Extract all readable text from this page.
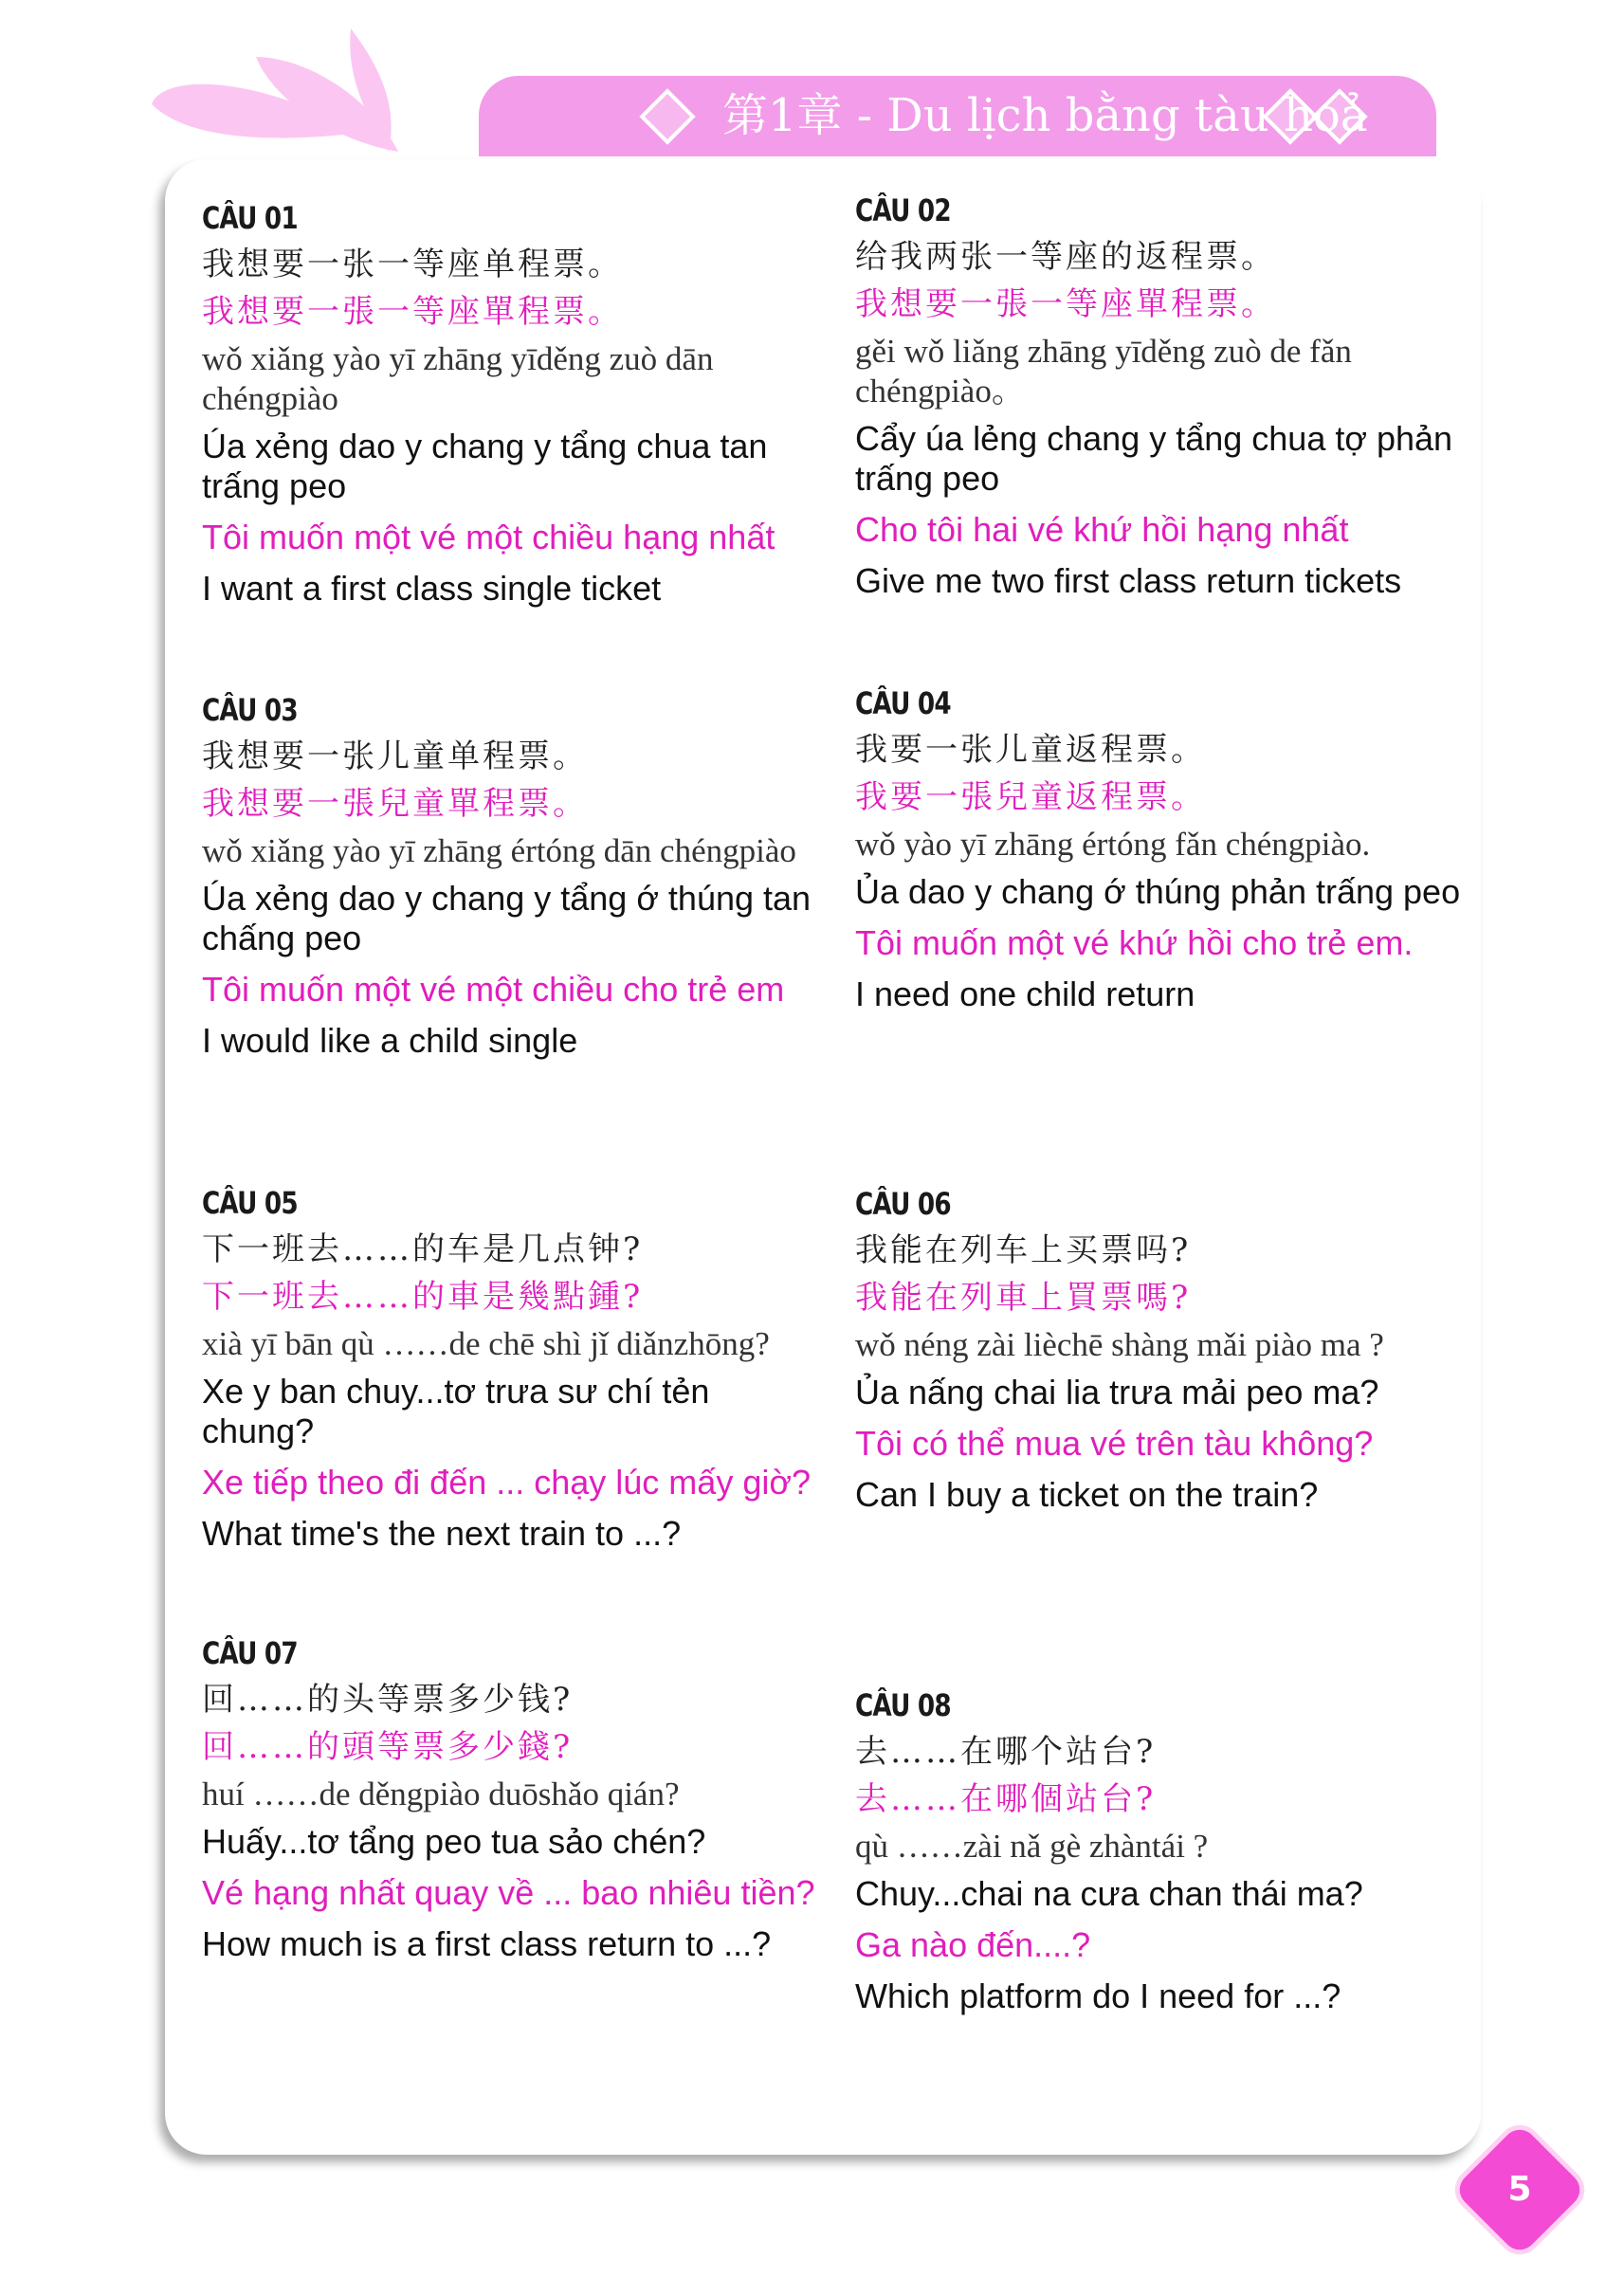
第1章 - Du lịch bằng tàu hoả
CÂU 01
我想要一张一等座单程票。
我想要一張一等座單程票。
wǒ xiǎng yào yī zhāng yīděng zuò dān chéngpiào
Úa xẻng dao y chang y tẩng chua tan trấng peo
Tôi muốn một vé một chiều hạng nhất
I want a first class single ticket
CÂU 02
给我两张一等座的返程票。
我想要一張一等座單程票。
gěi wǒ liǎng zhāng yīděng zuò de fǎn chéngpiào。
Cẩy úa lẻng chang y tẩng chua tợ phản trấng peo
Cho tôi hai vé khứ hồi hạng nhất
Give me two first class return tickets
CÂU 03
我想要一张儿童单程票。
我想要一張兒童單程票。
wǒ xiǎng yào yī zhāng értóng dān chéngpiào
Úa xẻng dao y chang y tẩng ớ thúng tan chấng peo
Tôi muốn một vé một chiều cho trẻ em
I would like a child single
CÂU 04
我要一张儿童返程票。
我要一張兒童返程票。
wǒ yào yī zhāng értóng fǎn chéngpiào.
Ủa dao y chang ớ thúng phản trấng peo
Tôi muốn một vé khứ hồi cho trẻ em.
I need one child return
CÂU 05
下一班去……的车是几点钟?
下一班去……的車是幾點鍾?
xià yī bān qù ……de chē shì jǐ diǎnzhōng?
Xe y ban chuy...tơ trưa sư chí tẻn chung?
Xe tiếp theo đi đến ... chạy lúc mấy giờ?
What time's the next train to ...?
CÂU 06
我能在列车上买票吗?
我能在列車上買票嗎?
wǒ néng zài lièchē shàng mǎi piào ma ?
Ủa nấng chai lia trưa mải peo ma?
Tôi có thể mua vé trên tàu không?
Can I buy a ticket on the train?
CÂU 07
回……的头等票多少钱?
回……的頭等票多少錢?
huí ……de děngpiào duōshǎo qián?
Huấy...tơ tẩng peo tua sảo chén?
Vé hạng nhất quay về ... bao nhiêu tiền?
How much is a first class return to ...?
CÂU 08
去……在哪个站台?
去……在哪個站台?
qù ……zài nǎ gè zhàntái ?
Chuy...chai na cưa chan thái ma?
Ga nào đến....?
Which platform do I need for ...?
5
